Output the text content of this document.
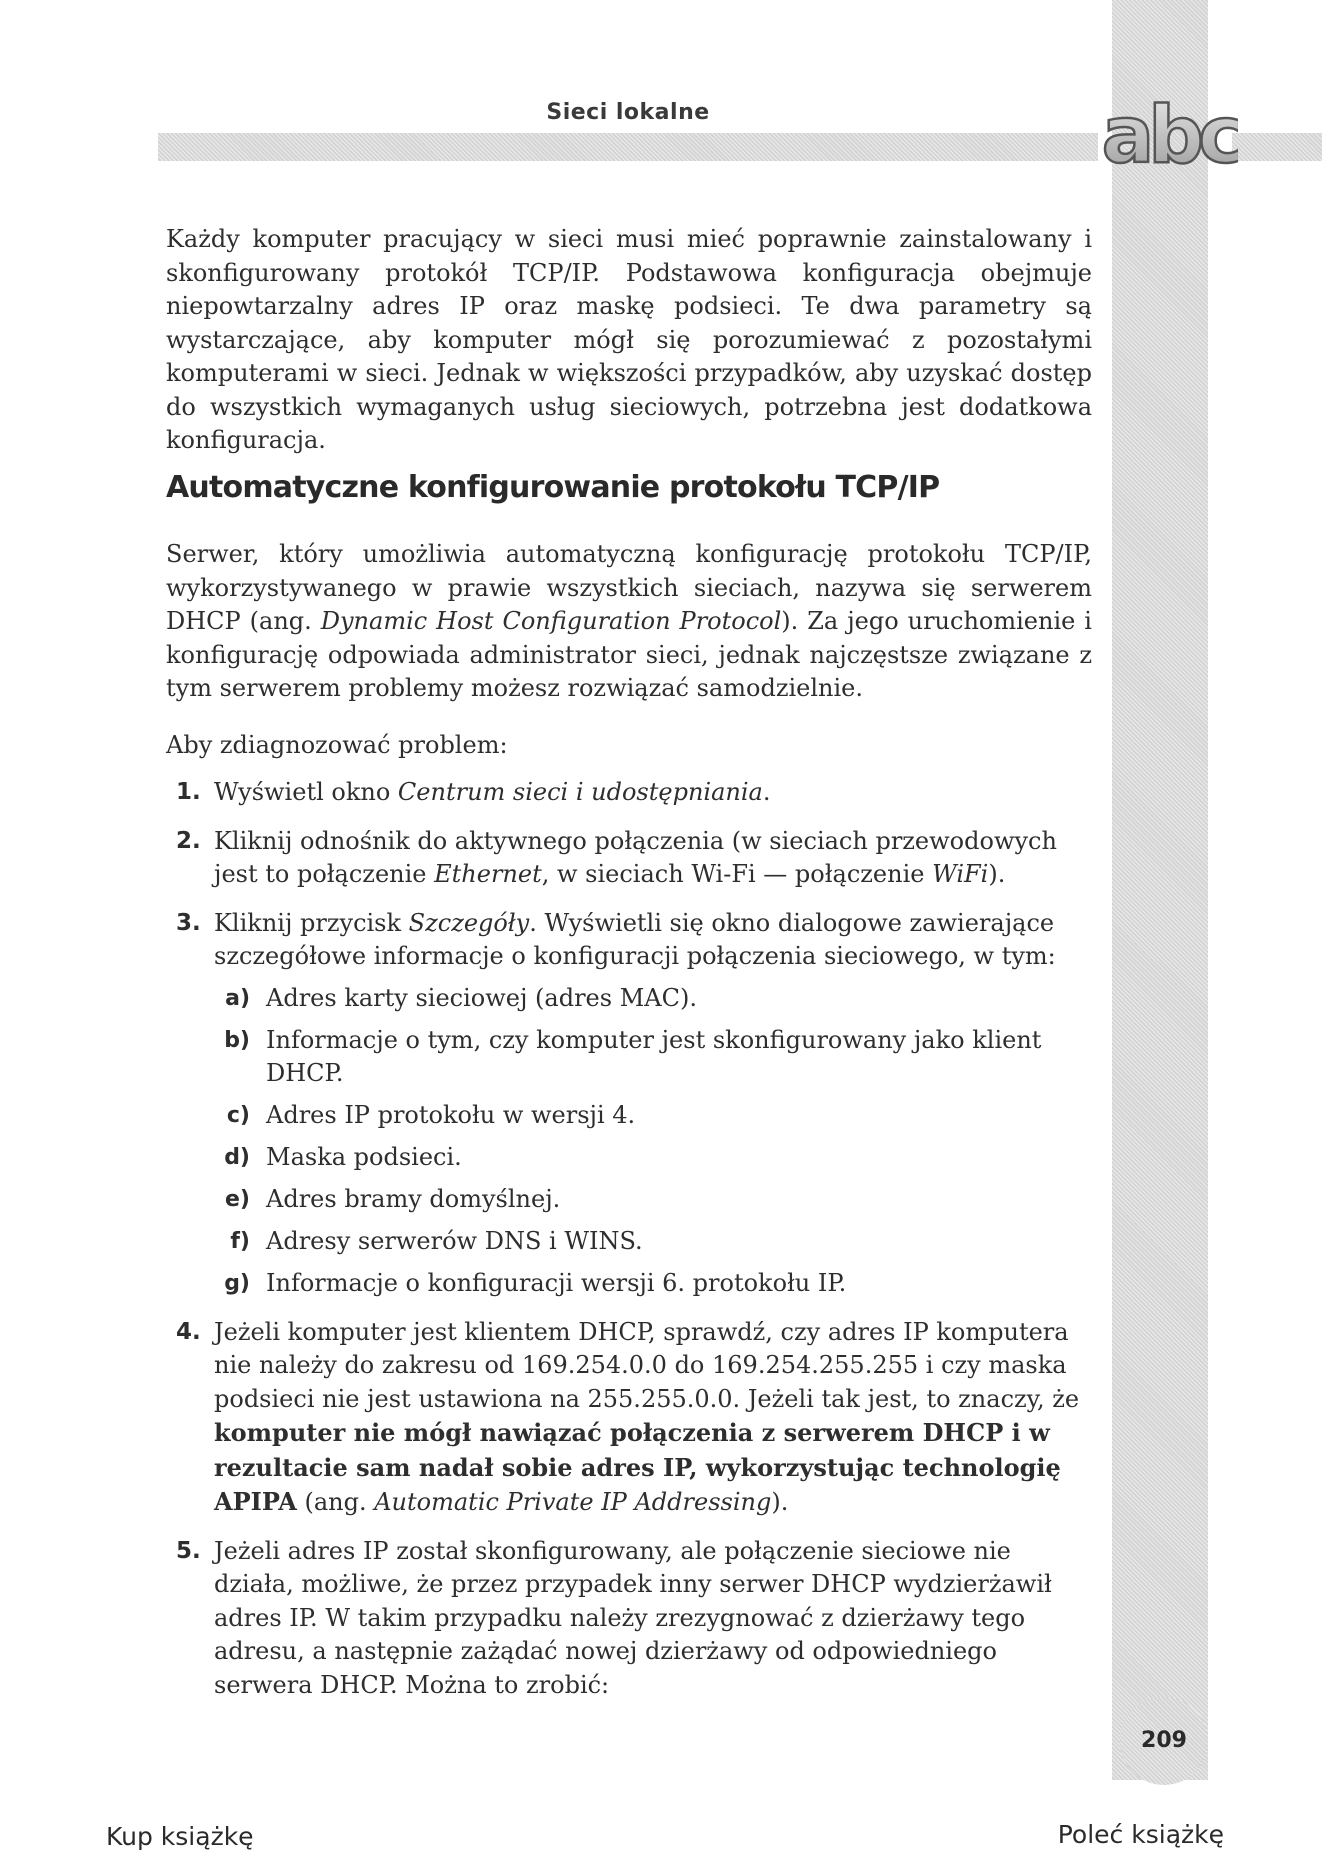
Sieci lokalne	abc

Każdy komputer pracujący w sieci musi mieć poprawnie zainstalowany i skonfigurowany protokół TCP/IP. Podstawowa konfiguracja obejmuje niepowtarzalny adres IP oraz maskę podsieci. Te dwa parametry są wystarczające, aby komputer mógł się porozumiewać z pozostałymi komputerami w sieci. Jednak w większości przypadków, aby uzyskać dostęp do wszystkich wymaganych usług sieciowych, potrzebna jest dodatkowa konfiguracja.

Automatyczne konfigurowanie protokołu TCP/IP

Serwer, który umożliwia automatyczną konfigurację protokołu TCP/IP, wykorzystywanego w prawie wszystkich sieciach, nazywa się serwerem DHCP (ang. Dynamic Host Configuration Protocol). Za jego uruchomienie i konfigurację odpowiada administrator sieci, jednak najczęstsze związane z tym serwerem problemy możesz rozwiązać samodzielnie.

Aby zdiagnozować problem:

1. Wyświetl okno Centrum sieci i udostępniania.
2. Kliknij odnośnik do aktywnego połączenia (w sieciach przewodowych jest to połączenie Ethernet, w sieciach Wi-Fi — połączenie WiFi).
3. Kliknij przycisk Szczegóły. Wyświetli się okno dialogowe zawierające szczegółowe informacje o konfiguracji połączenia sieciowego, w tym:
a) Adres karty sieciowej (adres MAC).
b) Informacje o tym, czy komputer jest skonfigurowany jako klient DHCP.
c) Adres IP protokołu w wersji 4.
d) Maska podsieci.
e) Adres bramy domyślnej.
f) Adresy serwerów DNS i WINS.
g) Informacje o konfiguracji wersji 6. protokołu IP.
4. Jeżeli komputer jest klientem DHCP, sprawdź, czy adres IP komputera nie należy do zakresu od 169.254.0.0 do 169.254.255.255 i czy maska podsieci nie jest ustawiona na 255.255.0.0. Jeżeli tak jest, to znaczy, że komputer nie mógł nawiązać połączenia z serwerem DHCP i w rezultacie sam nadał sobie adres IP, wykorzystując technologię APIPA (ang. Automatic Private IP Addressing).
5. Jeżeli adres IP został skonfigurowany, ale połączenie sieciowe nie działa, możliwe, że przez przypadek inny serwer DHCP wydzierżawił adres IP. W takim przypadku należy zrezygnować z dzierżawy tego adresu, a następnie zażądać nowej dzierżawy od odpowiedniego serwera DHCP. Można to zrobić:
209
Kup książkę	Poleć książkę
